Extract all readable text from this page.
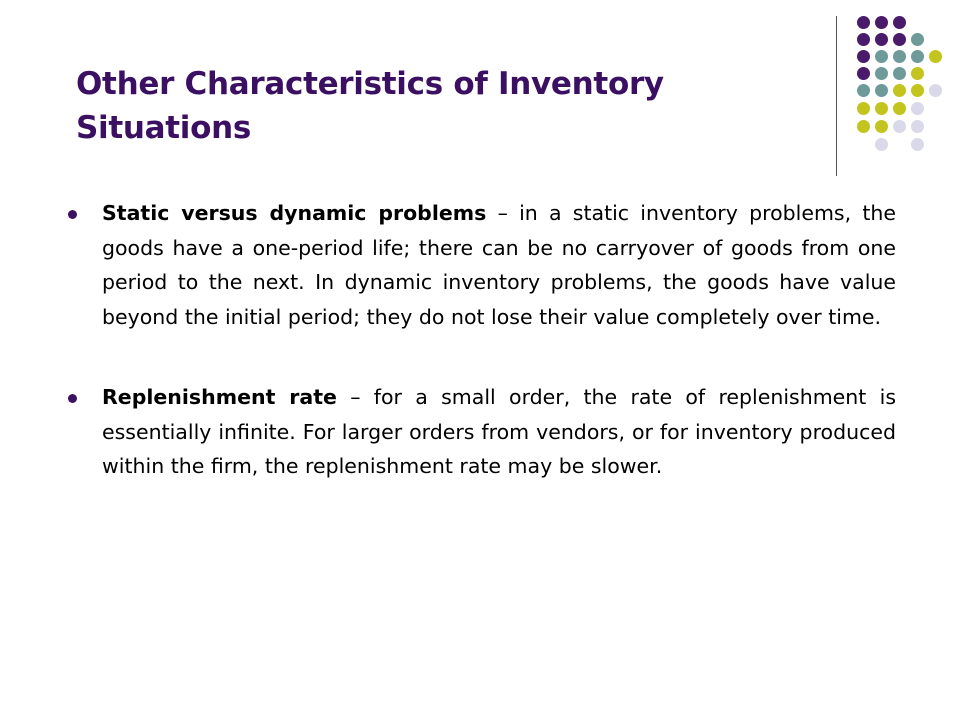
Other Characteristics of Inventory Situations
Static versus dynamic problems – in a static inventory problems, the goods have a one-period life; there can be no carryover of goods from one period to the next. In dynamic inventory problems, the goods have value beyond the initial period; they do not lose their value completely over time.
Replenishment rate – for a small order, the rate of replenishment is essentially infinite. For larger orders from vendors, or for inventory produced within the firm, the replenishment rate may be slower.
